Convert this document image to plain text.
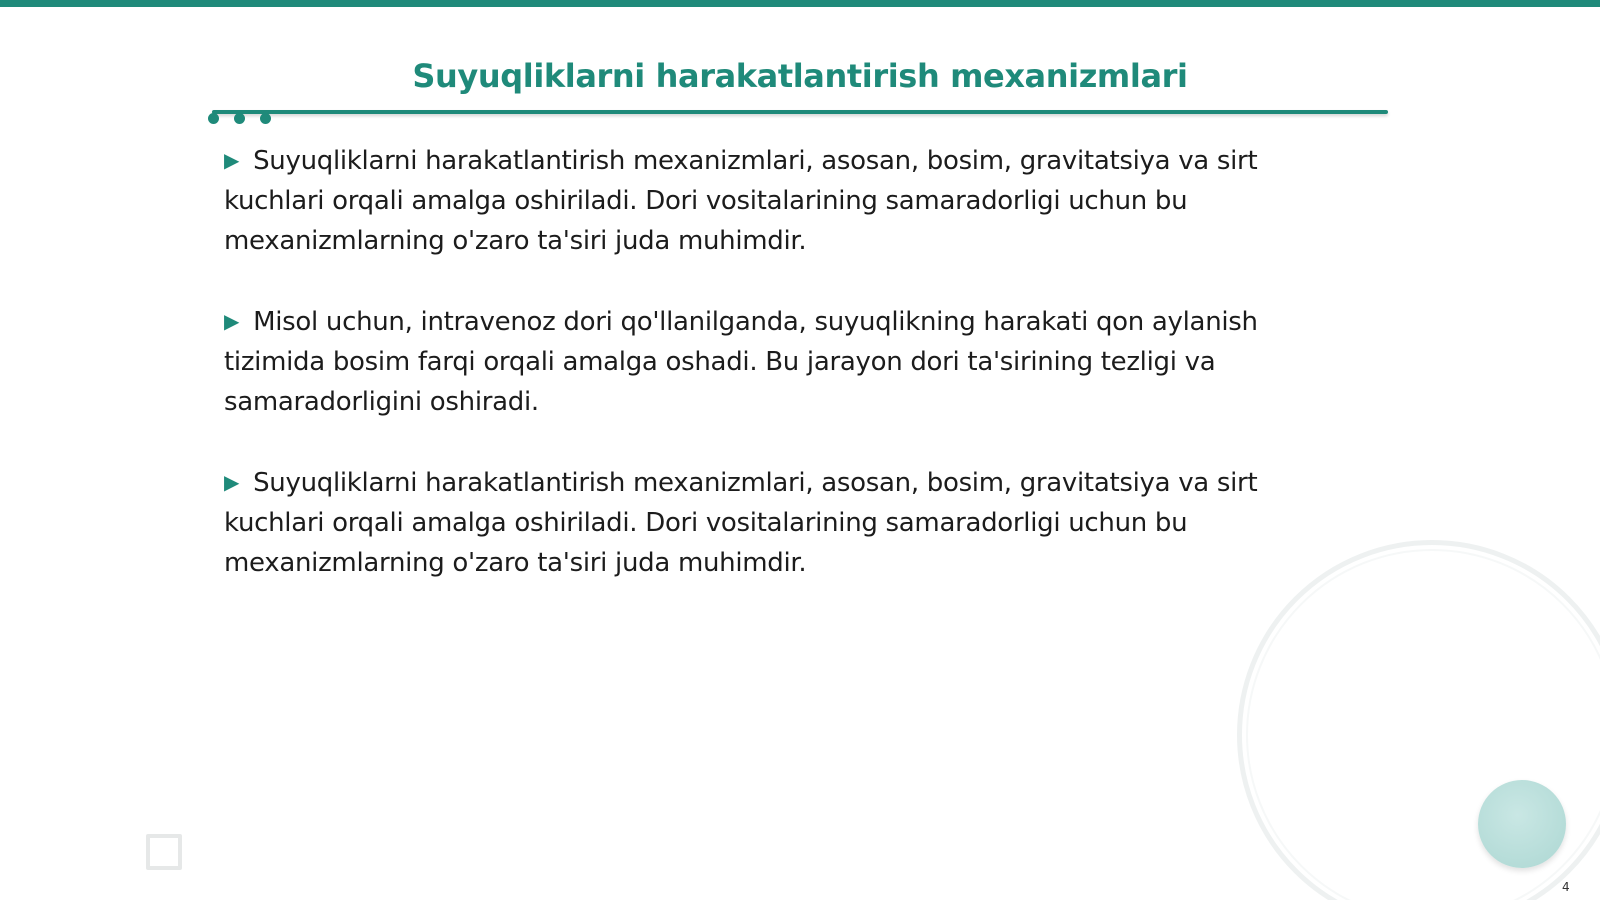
Suyuqliklarni harakatlantirish mexanizmlari

▶ Suyuqliklarni harakatlantirish mexanizmlari, asosan, bosim, gravitatsiya va sirt kuchlari orqali amalga oshiriladi. Dori vositalarining samaradorligi uchun bu mexanizmlarning o'zaro ta'siri juda muhimdir.

▶ Misol uchun, intravenoz dori qo'llanilganda, suyuqlikning harakati qon aylanish tizimida bosim farqi orqali amalga oshadi. Bu jarayon dori ta'sirining tezligi va samaradorligini oshiradi.

▶ Suyuqliklarni harakatlantirish mexanizmlari, asosan, bosim, gravitatsiya va sirt kuchlari orqali amalga oshiriladi. Dori vositalarining samaradorligi uchun bu mexanizmlarning o'zaro ta'siri juda muhimdir.

4
